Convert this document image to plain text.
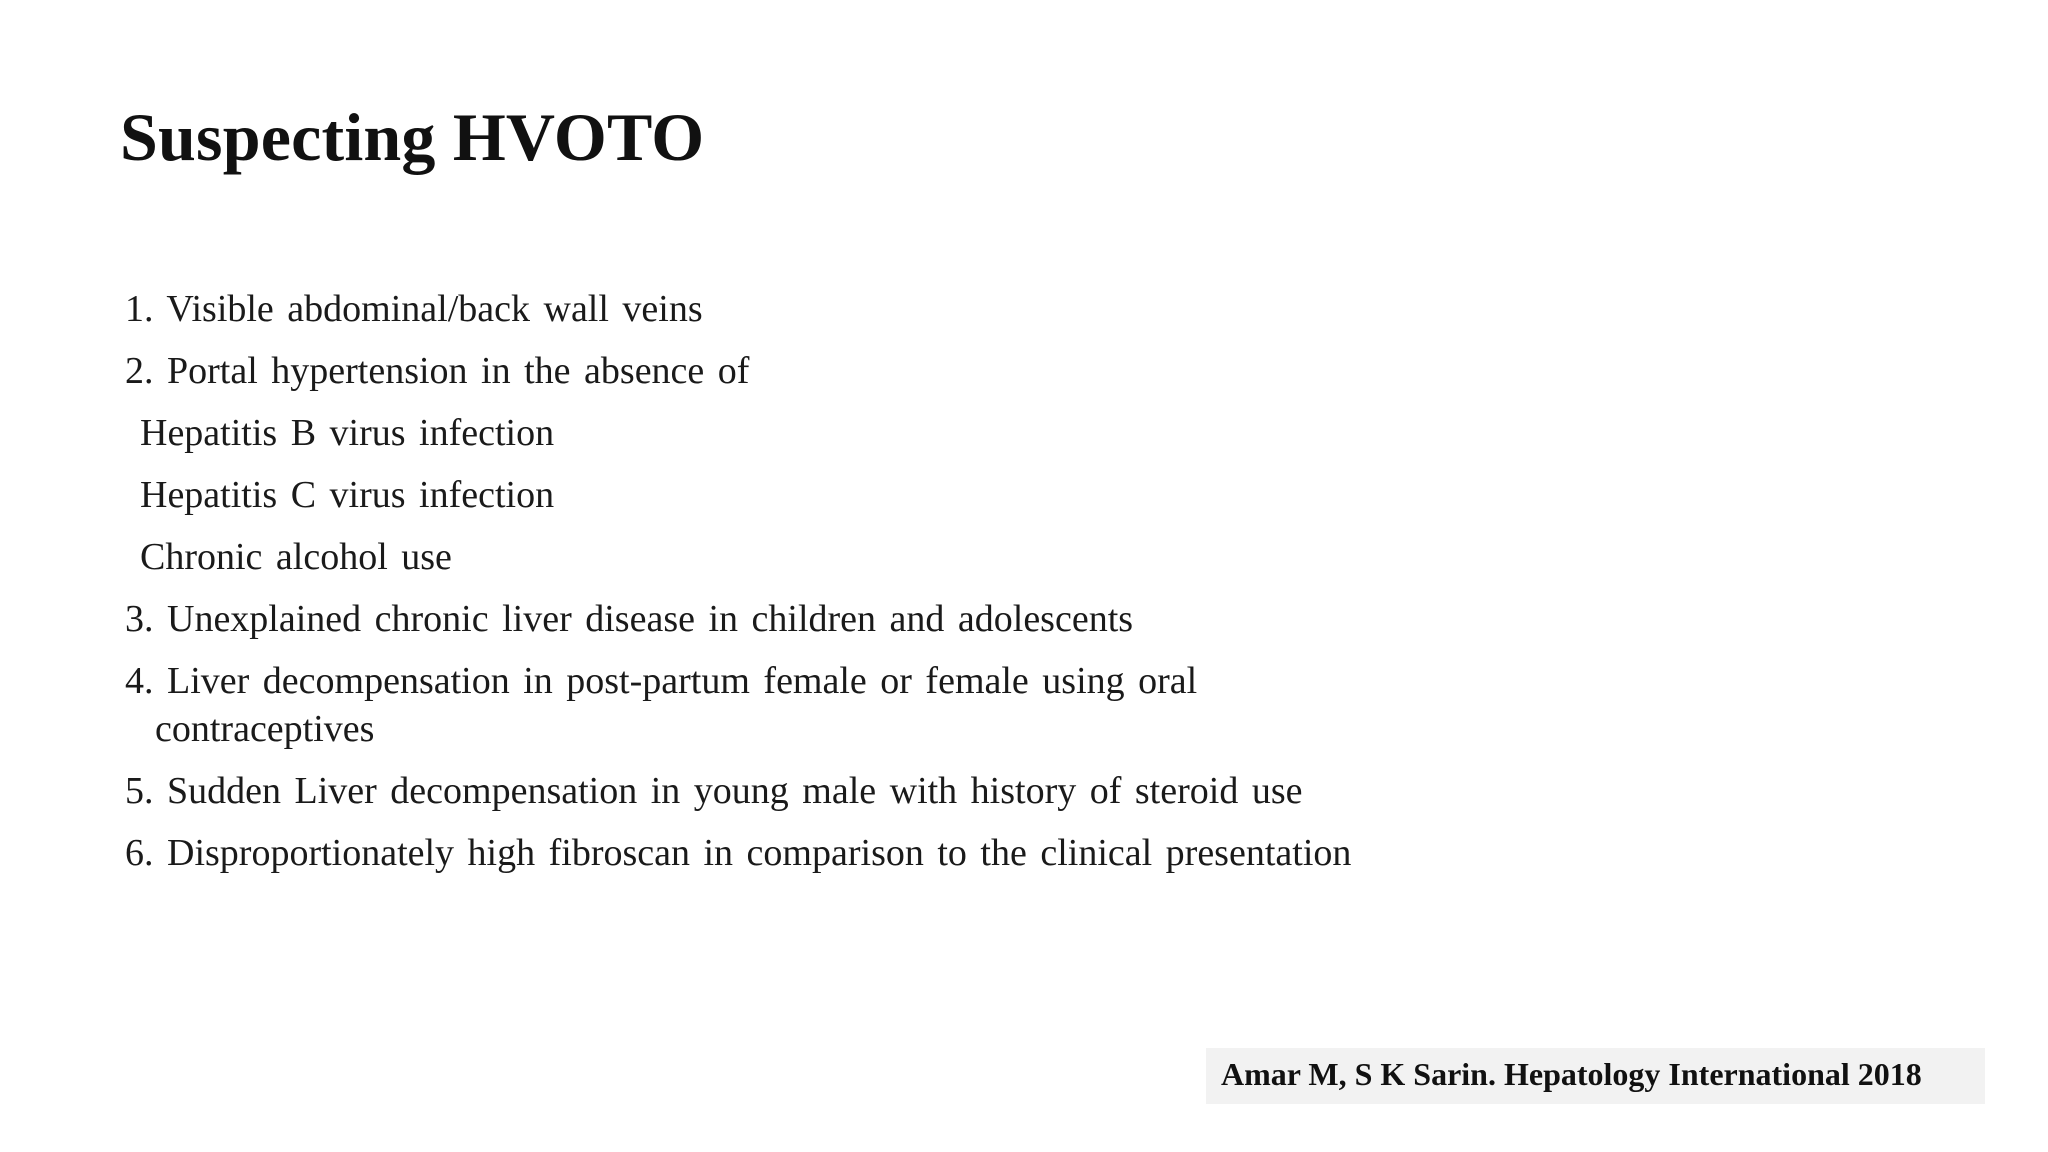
Suspecting HVOTO
1. Visible abdominal/back wall veins
2. Portal hypertension in the absence of
Hepatitis B virus infection
Hepatitis C virus infection
Chronic alcohol use
3. Unexplained chronic liver disease in children and adolescents
4. Liver decompensation in post-partum female or female using oral contraceptives
5. Sudden Liver decompensation in young male with history of steroid use
6. Disproportionately high fibroscan in comparison to the clinical presentation
Amar M, S K Sarin. Hepatology International 2018
